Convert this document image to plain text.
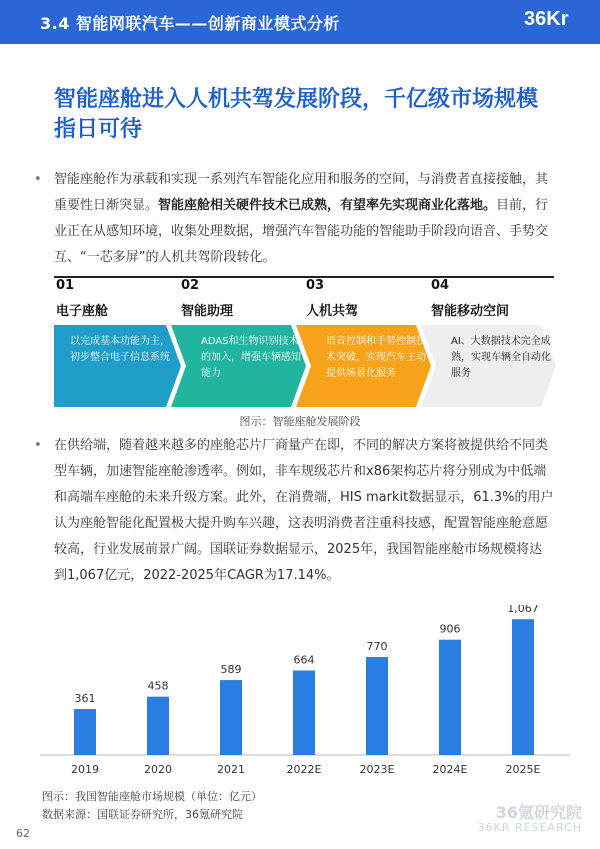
3.4 智能网联汽车——创新商业模式分析	36Kr
智能座舱进入人机共驾发展阶段，千亿级市场规模指日可待
• 智能座舱作为承载和实现一系列汽车智能化应用和服务的空间，与消费者直接接触，其重要性日渐突显。智能座舱相关硬件技术已成熟，有望率先实现商业化落地。目前，行业正在从感知环境，收集处理数据，增强汽车智能功能的智能助手阶段向语音、手势交互、“一芯多屏”的人机共驾阶段转化。
01
电子座舱
以完成基本功能为主，初步整合电子信息系统
02
智能助理
ADAS和生物识别技术的加入，增强车辆感知能力
03
人机共驾
语音控制和手势控制技术突破，实现汽车主动提供场景化服务
04
智能移动空间
AI、大数据技术完全成熟，实现车辆全自动化服务
图示：智能座舱发展阶段
• 在供给端，随着越来越多的座舱芯片厂商量产在即，不同的解决方案将被提供给不同类型车辆，加速智能座舱渗透率。例如，非车规级芯片和x86架构芯片将分别成为中低端和高端车座舱的未来升级方案。此外，在消费端，HIS markit数据显示，61.3%的用户认为座舱智能化配置极大提升购车兴趣，这表明消费者注重科技感，配置智能座舱意愿较高，行业发展前景广阔。国联证券数据显示，2025年，我国智能座舱市场规模将达到1,067亿元，2022-2025年CAGR为17.14%。
361
2019
458
2020
589
2021
664
2022E
770
2023E
906
2024E
1,067
2025E
图示：我国智能座舱市场规模（单位：亿元）
数据来源：国联证券研究所，36氪研究院	36氪研究院
36KR RESEARCH
62
